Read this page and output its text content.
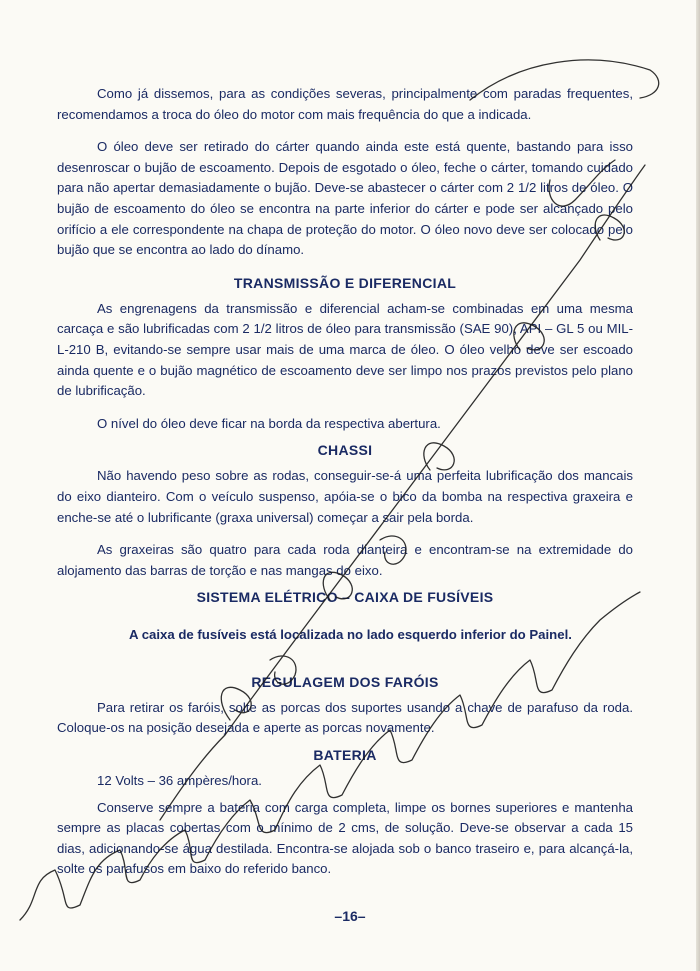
Como já dissemos, para as condições severas, principalmente com paradas frequentes, recomendamos a troca do óleo do motor com mais frequência do que a indicada.

O óleo deve ser retirado do cárter quando ainda este está quente, bastando para isso desenroscar o bujão de escoamento. Depois de esgotado o óleo, feche o cárter, tomando cuidado para não apertar demasiadamente o bujão. Deve-se abastecer o cárter com 2 1/2 litros de óleo. O bujão de escoamento do óleo se encontra na parte inferior do cárter e pode ser alcançado pelo orifício a ele correspondente na chapa de proteção do motor. O óleo novo deve ser colocado pelo bujão que se encontra ao lado do dínamo.

TRANSMISSÃO E DIFERENCIAL

As engrenagens da transmissão e diferencial acham-se combinadas em uma mesma carcaça e são lubrificadas com 2 1/2 litros de óleo para transmissão (SAE 90), API – GL 5 ou MIL-L-210 B, evitando-se sempre usar mais de uma marca de óleo. O óleo velho deve ser escoado ainda quente e o bujão magnético de escoamento deve ser limpo nos prazos previstos pelo plano de lubrificação.

O nível do óleo deve ficar na borda da respectiva abertura.

CHASSI

Não havendo peso sobre as rodas, conseguir-se-á uma perfeita lubrificação dos mancais do eixo dianteiro. Com o veículo suspenso, apóia-se o bico da bomba na respectiva graxeira e enche-se até o lubrificante (graxa universal) começar a sair pela borda.

As graxeiras são quatro para cada roda dianteira e encontram-se na extremidade do alojamento das barras de torção e nas mangas do eixo.

SISTEMA ELÉTRICO – CAIXA DE FUSÍVEIS

A caixa de fusíveis está localizada no lado esquerdo inferior do Painel.

REGULAGEM DOS FARÓIS

Para retirar os faróis, solte as porcas dos suportes usando a chave de parafuso da roda. Coloque-os na posição desejada e aperte as porcas novamente.

BATERIA

12 Volts – 36 ampères/hora.

Conserve sempre a bateria com carga completa, limpe os bornes superiores e mantenha sempre as placas cobertas com o mínimo de 2 cms, de solução. Deve-se observar a cada 15 dias, adicionando-se água destilada. Encontra-se alojada sob o banco traseiro e, para alcançá-la, solte os parafusos em baixo do referido banco.

–16–
